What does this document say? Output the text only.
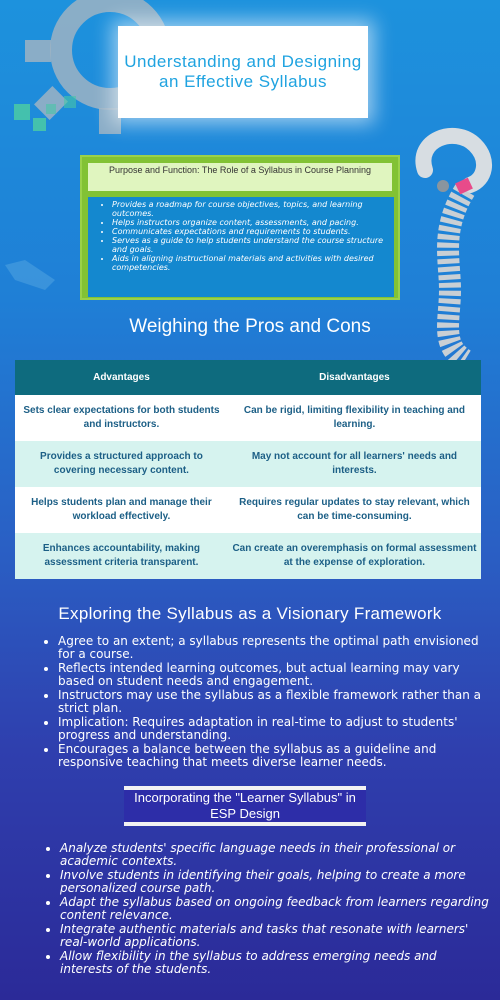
Understanding and Designing an Effective Syllabus
Purpose and Function: The Role of a Syllabus in Course Planning
• Provides a roadmap for course objectives, topics, and learning outcomes.
• Helps instructors organize content, assessments, and pacing.
• Communicates expectations and requirements to students.
• Serves as a guide to help students understand the course structure and goals.
• Aids in aligning instructional materials and activities with desired competencies.
Weighing the Pros and Cons
Advantages	Disadvantages
Sets clear expectations for both students and instructors.	Can be rigid, limiting flexibility in teaching and learning.
Provides a structured approach to covering necessary content.	May not account for all learners' needs and interests.
Helps students plan and manage their workload effectively.	Requires regular updates to stay relevant, which can be time-consuming.
Enhances accountability, making assessment criteria transparent.	Can create an overemphasis on formal assessment at the expense of exploration.
Exploring the Syllabus as a Visionary Framework
• Agree to an extent; a syllabus represents the optimal path envisioned for a course.
• Reflects intended learning outcomes, but actual learning may vary based on student needs and engagement.
• Instructors may use the syllabus as a flexible framework rather than a strict plan.
• Implication: Requires adaptation in real-time to adjust to students' progress and understanding.
• Encourages a balance between the syllabus as a guideline and responsive teaching that meets diverse learner needs.
Incorporating the "Learner Syllabus" in ESP Design
• Analyze students' specific language needs in their professional or academic contexts.
• Involve students in identifying their goals, helping to create a more personalized course path.
• Adapt the syllabus based on ongoing feedback from learners regarding content relevance.
• Integrate authentic materials and tasks that resonate with learners' real-world applications.
• Allow flexibility in the syllabus to address emerging needs and interests of the students.
